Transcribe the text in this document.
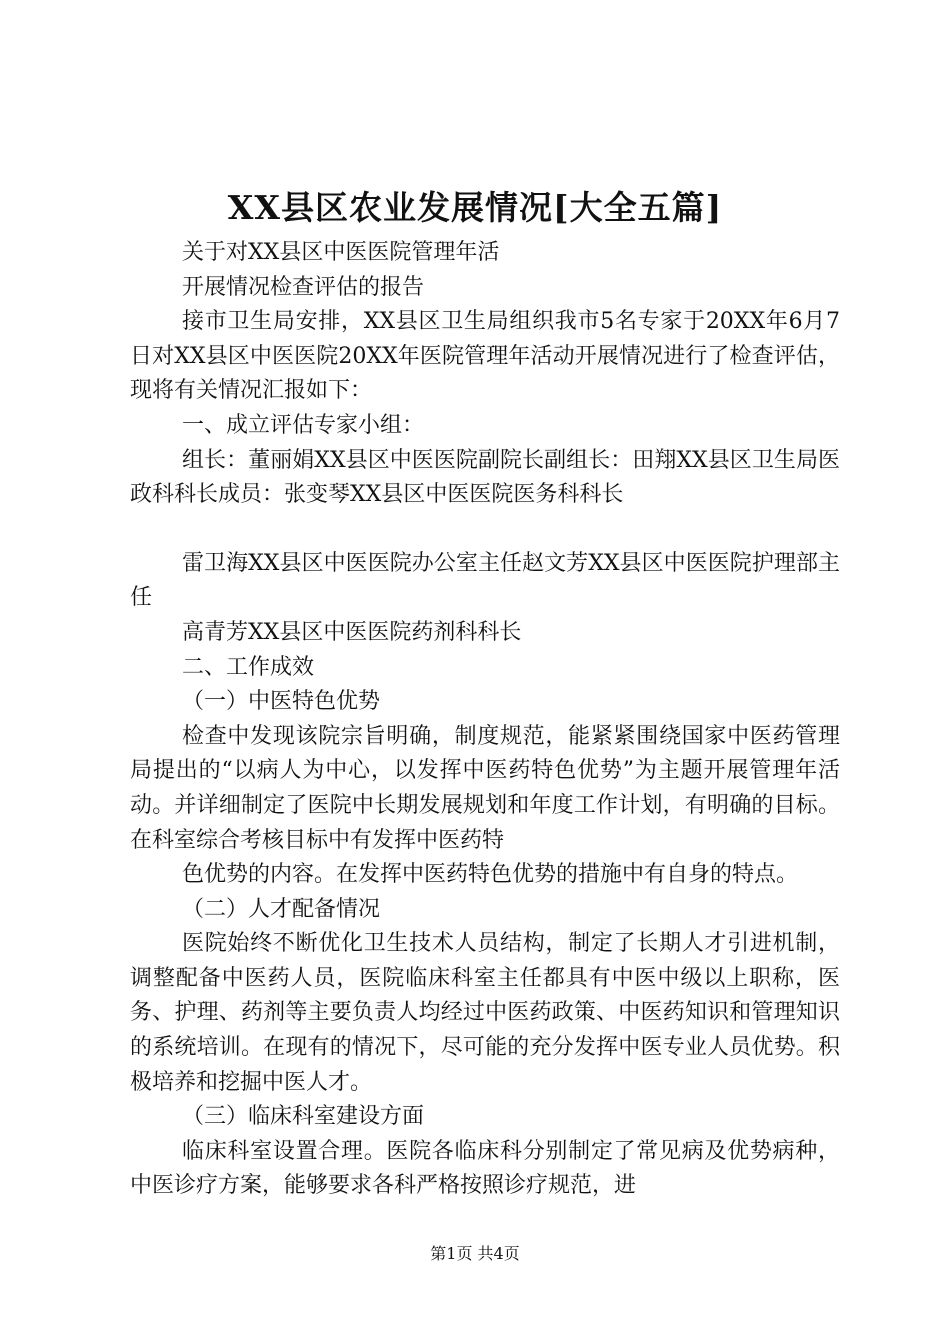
XX县区农业发展情况[大全五篇]

关于对XX县区中医医院管理年活

开展情况检查评估的报告

接市卫生局安排，XX县区卫生局组织我市5名专家于20XX年6月7日对XX县区中医医院20XX年医院管理年活动开展情况进行了检查评估，现将有关情况汇报如下：

一、成立评估专家小组：

组长：董丽娟XX县区中医医院副院长副组长：田翔XX县区卫生局医政科科长成员：张变琴XX县区中医医院医务科科长

雷卫海XX县区中医医院办公室主任赵文芳XX县区中医医院护理部主任

高青芳XX县区中医医院药剂科科长

二、工作成效

（一）中医特色优势

检查中发现该院宗旨明确，制度规范，能紧紧围绕国家中医药管理局提出的“以病人为中心，以发挥中医药特色优势”为主题开展管理年活动。并详细制定了医院中长期发展规划和年度工作计划，有明确的目标。在科室综合考核目标中有发挥中医药特

色优势的内容。在发挥中医药特色优势的措施中有自身的特点。

（二）人才配备情况

医院始终不断优化卫生技术人员结构，制定了长期人才引进机制，调整配备中医药人员，医院临床科室主任都具有中医中级以上职称，医务、护理、药剂等主要负责人均经过中医药政策、中医药知识和管理知识的系统培训。在现有的情况下，尽可能的充分发挥中医专业人员优势。积极培养和挖掘中医人才。

（三）临床科室建设方面

临床科室设置合理。医院各临床科分别制定了常见病及优势病种，中医诊疗方案，能够要求各科严格按照诊疗规范，进

第1页 共4页
